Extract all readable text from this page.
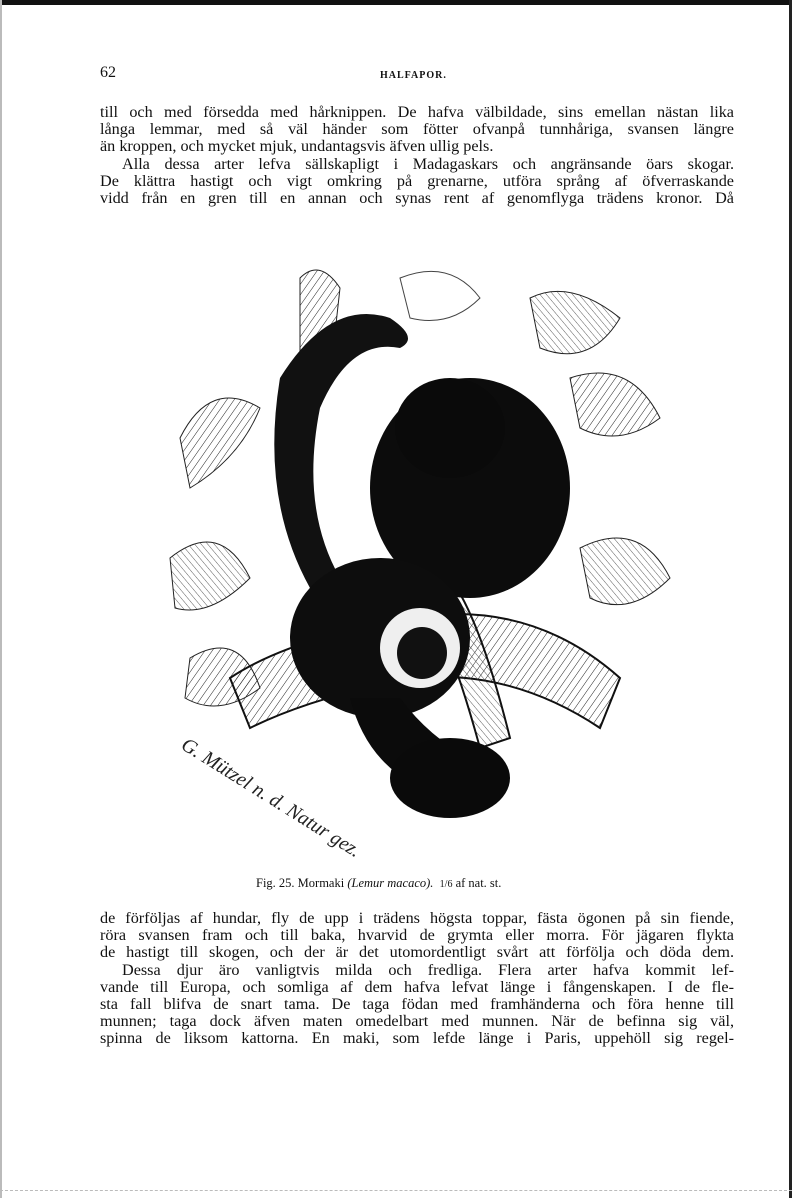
62	HALFAPOR.

till och med försedda med hårknippen. De hafva välbildade, sins emellan nästan lika
långa lemmar, med så väl händer som fötter ofvanpå tunnhåriga, svansen längre
än kroppen, och mycket mjuk, undantagsvis äfven ullig pels.
Alla dessa arter lefva sällskapligt i Madagaskars och angränsande öars skogar.
De klättra hastigt och vigt omkring på grenarne, utföra språng af öfverraskande
vidd från en gren till en annan och synas rent af genomflyga trädens kronor. Då

G. Mützel n. d. Natur gez.
Fig. 25. Mormaki (Lemur macaco). 1/6 af nat. st.

de förföljas af hundar, fly de upp i trädens högsta toppar, fästa ögonen på sin fiende,
röra svansen fram och till baka, hvarvid de grymta eller morra. För jägaren flykta
de hastigt till skogen, och der är det utomordentligt svårt att förfölja och döda dem.
Dessa djur äro vanligtvis milda och fredliga. Flera arter hafva kommit lef-
vande till Europa, och somliga af dem hafva lefvat länge i fångenskapen. I de fle-
sta fall blifva de snart tama. De taga födan med framhänderna och föra henne till
munnen; taga dock äfven maten omedelbart med munnen. När de befinna sig väl,
spinna de liksom kattorna. En maki, som lefde länge i Paris, uppehöll sig regel-
